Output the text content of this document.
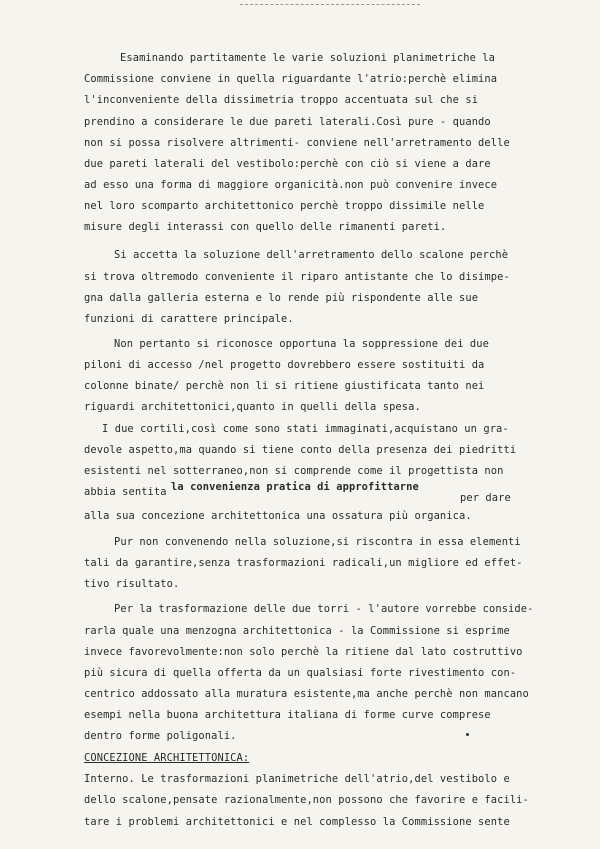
Esaminando partitamente le varie soluzioni planimetriche la
Commissione conviene in quella riguardante l'atrio:perchè elimina
l'inconveniente della dissimetria troppo accentuata sul che si
prendino a considerare le due pareti laterali.Così pure - quando
non si possa risolvere altrimenti- conviene nell'arretramento delle
due pareti laterali del vestibolo:perchè con ciò si viene a dare
ad esso una forma di maggiore organicità.non può convenire invece
nel loro scomparto architettonico perchè troppo dissimile nelle
misure degli interassi con quello delle rimanenti pareti.
Si accetta la soluzione dell'arretramento dello scalone perchè
si trova oltremodo conveniente il riparo antistante che lo disimpe-
gna dalla galleria esterna e lo rende più rispondente alle sue
funzioni di carattere principale.
Non pertanto si riconosce opportuna la soppressione dei due
piloni di accesso /nel progetto dovrebbero essere sostituiti da
colonne binate/ perchè non li si ritiene giustificata tanto nei
riguardi architettonici,quanto in quelli della spesa.
I due cortili,così come sono stati immaginati,acquistano un gra-
devole aspetto,ma quando si tiene conto della presenza dei piedritti
esistenti nel sotterraneo,non si comprende come il progettista non
abbia sentita la convenienza pratica di approfittarne
per dare
alla sua concezione architettonica una ossatura più organica.
Pur non convenendo nella soluzione,si riscontra in essa elementi
tali da garantire,senza trasformazioni radicali,un migliore ed effet-
tivo risultato.
Per la trasformazione delle due torri - l'autore vorrebbe conside-
rarla quale una menzogna architettonica - la Commissione si esprime
invece favorevolmente:non solo perchè la ritiene dal lato costruttivo
più sicura di quella offerta da un qualsiasi forte rivestimento con-
centrico addossato alla muratura esistente,ma anche perchè non mancano
esempi nella buona architettura italiana di forme curve comprese
dentro forme poligonali.
CONCEZIONE ARCHITETTONICA:
Interno. Le trasformazioni planimetriche dell'atrio,del vestibolo e
dello scalone,pensate razionalmente,non possono che favorire e facili-
tare i problemi architettonici e nel complesso la Commissione sente
